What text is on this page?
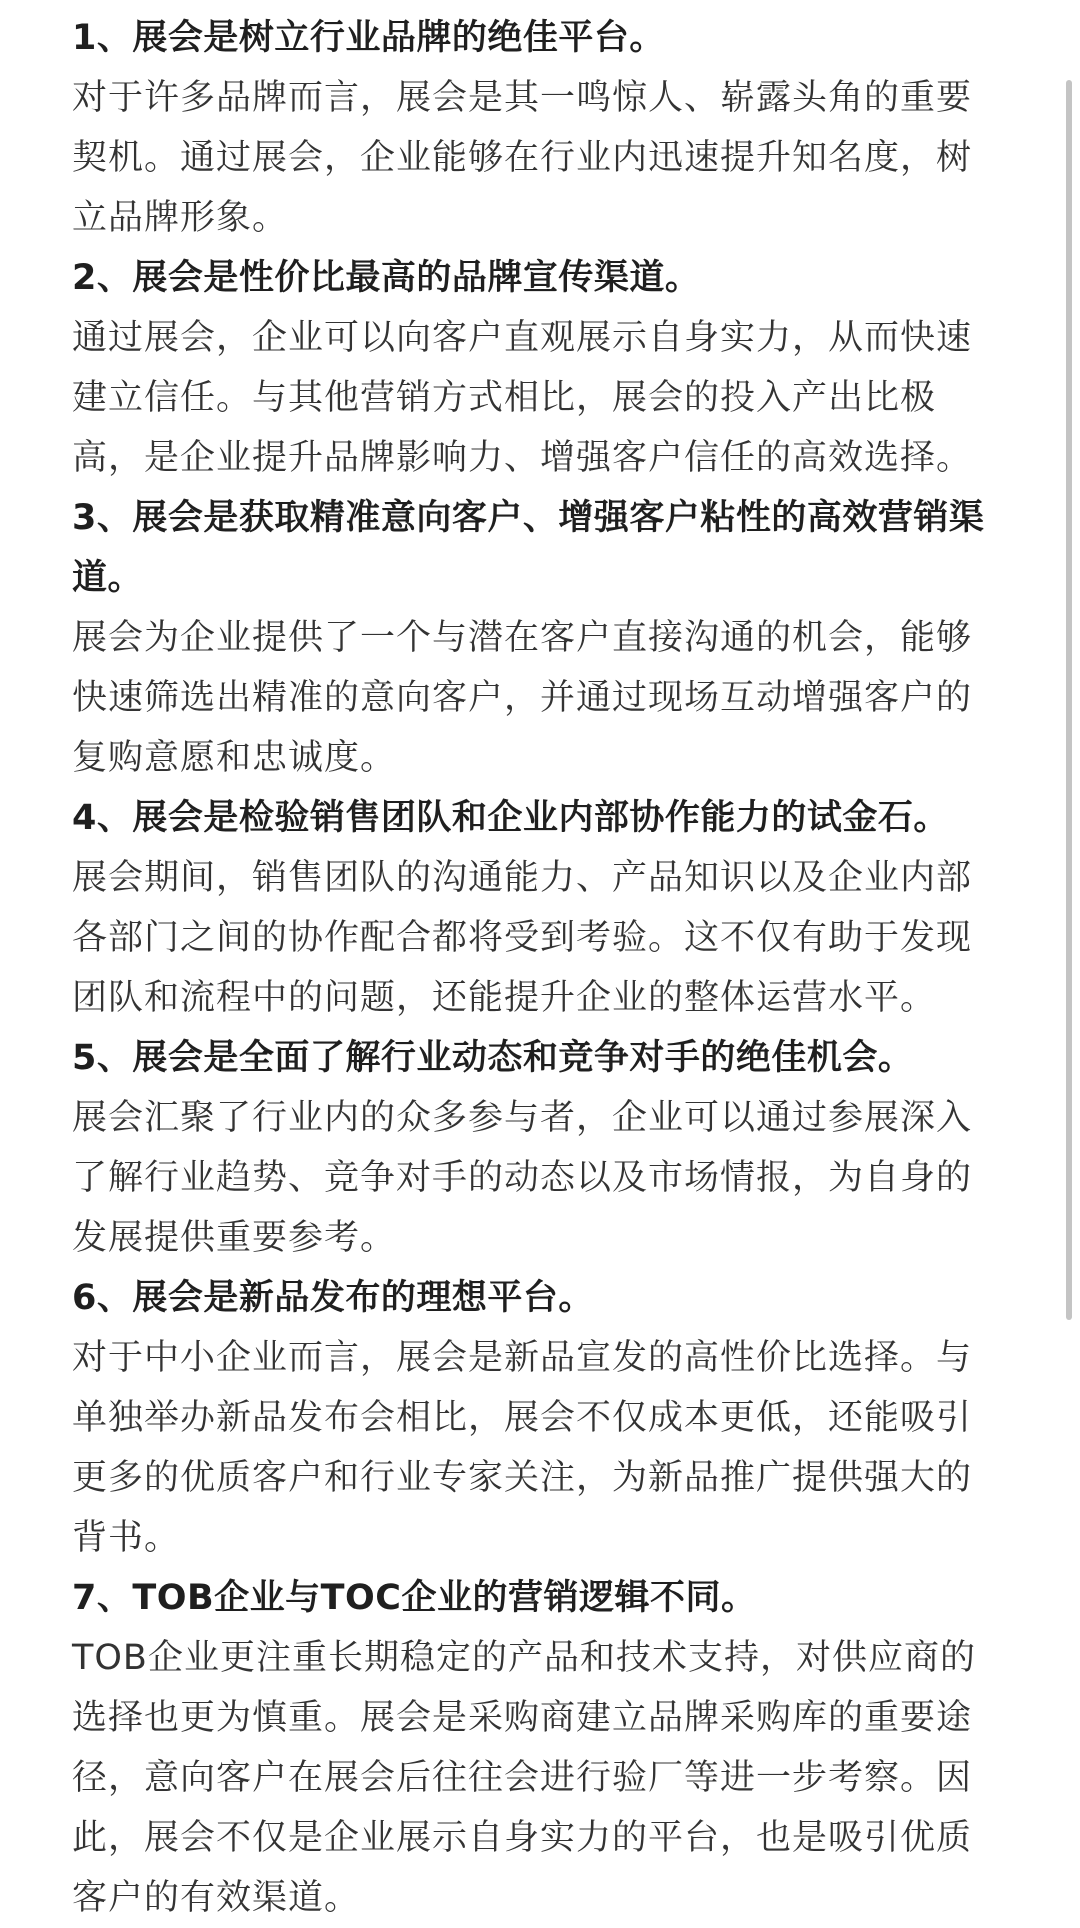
1、展会是树立行业品牌的绝佳平台。

对于许多品牌而言，展会是其一鸣惊人、崭露头角的重要契机。通过展会，企业能够在行业内迅速提升知名度，树立品牌形象。

2、展会是性价比最高的品牌宣传渠道。

通过展会，企业可以向客户直观展示自身实力，从而快速建立信任。与其他营销方式相比，展会的投入产出比极高，是企业提升品牌影响力、增强客户信任的高效选择。

3、展会是获取精准意向客户、增强客户粘性的高效营销渠道。

展会为企业提供了一个与潜在客户直接沟通的机会，能够快速筛选出精准的意向客户，并通过现场互动增强客户的复购意愿和忠诚度。

4、展会是检验销售团队和企业内部协作能力的试金石。

展会期间，销售团队的沟通能力、产品知识以及企业内部各部门之间的协作配合都将受到考验。这不仅有助于发现团队和流程中的问题，还能提升企业的整体运营水平。

5、展会是全面了解行业动态和竞争对手的绝佳机会。

展会汇聚了行业内的众多参与者，企业可以通过参展深入了解行业趋势、竞争对手的动态以及市场情报，为自身的发展提供重要参考。

6、展会是新品发布的理想平台。

对于中小企业而言，展会是新品宣发的高性价比选择。与单独举办新品发布会相比，展会不仅成本更低，还能吸引更多的优质客户和行业专家关注，为新品推广提供强大的背书。

7、TOB企业与TOC企业的营销逻辑不同。

TOB企业更注重长期稳定的产品和技术支持，对供应商的选择也更为慎重。展会是采购商建立品牌采购库的重要途径，意向客户在展会后往往会进行验厂等进一步考察。因此，展会不仅是企业展示自身实力的平台，也是吸引优质客户的有效渠道。
